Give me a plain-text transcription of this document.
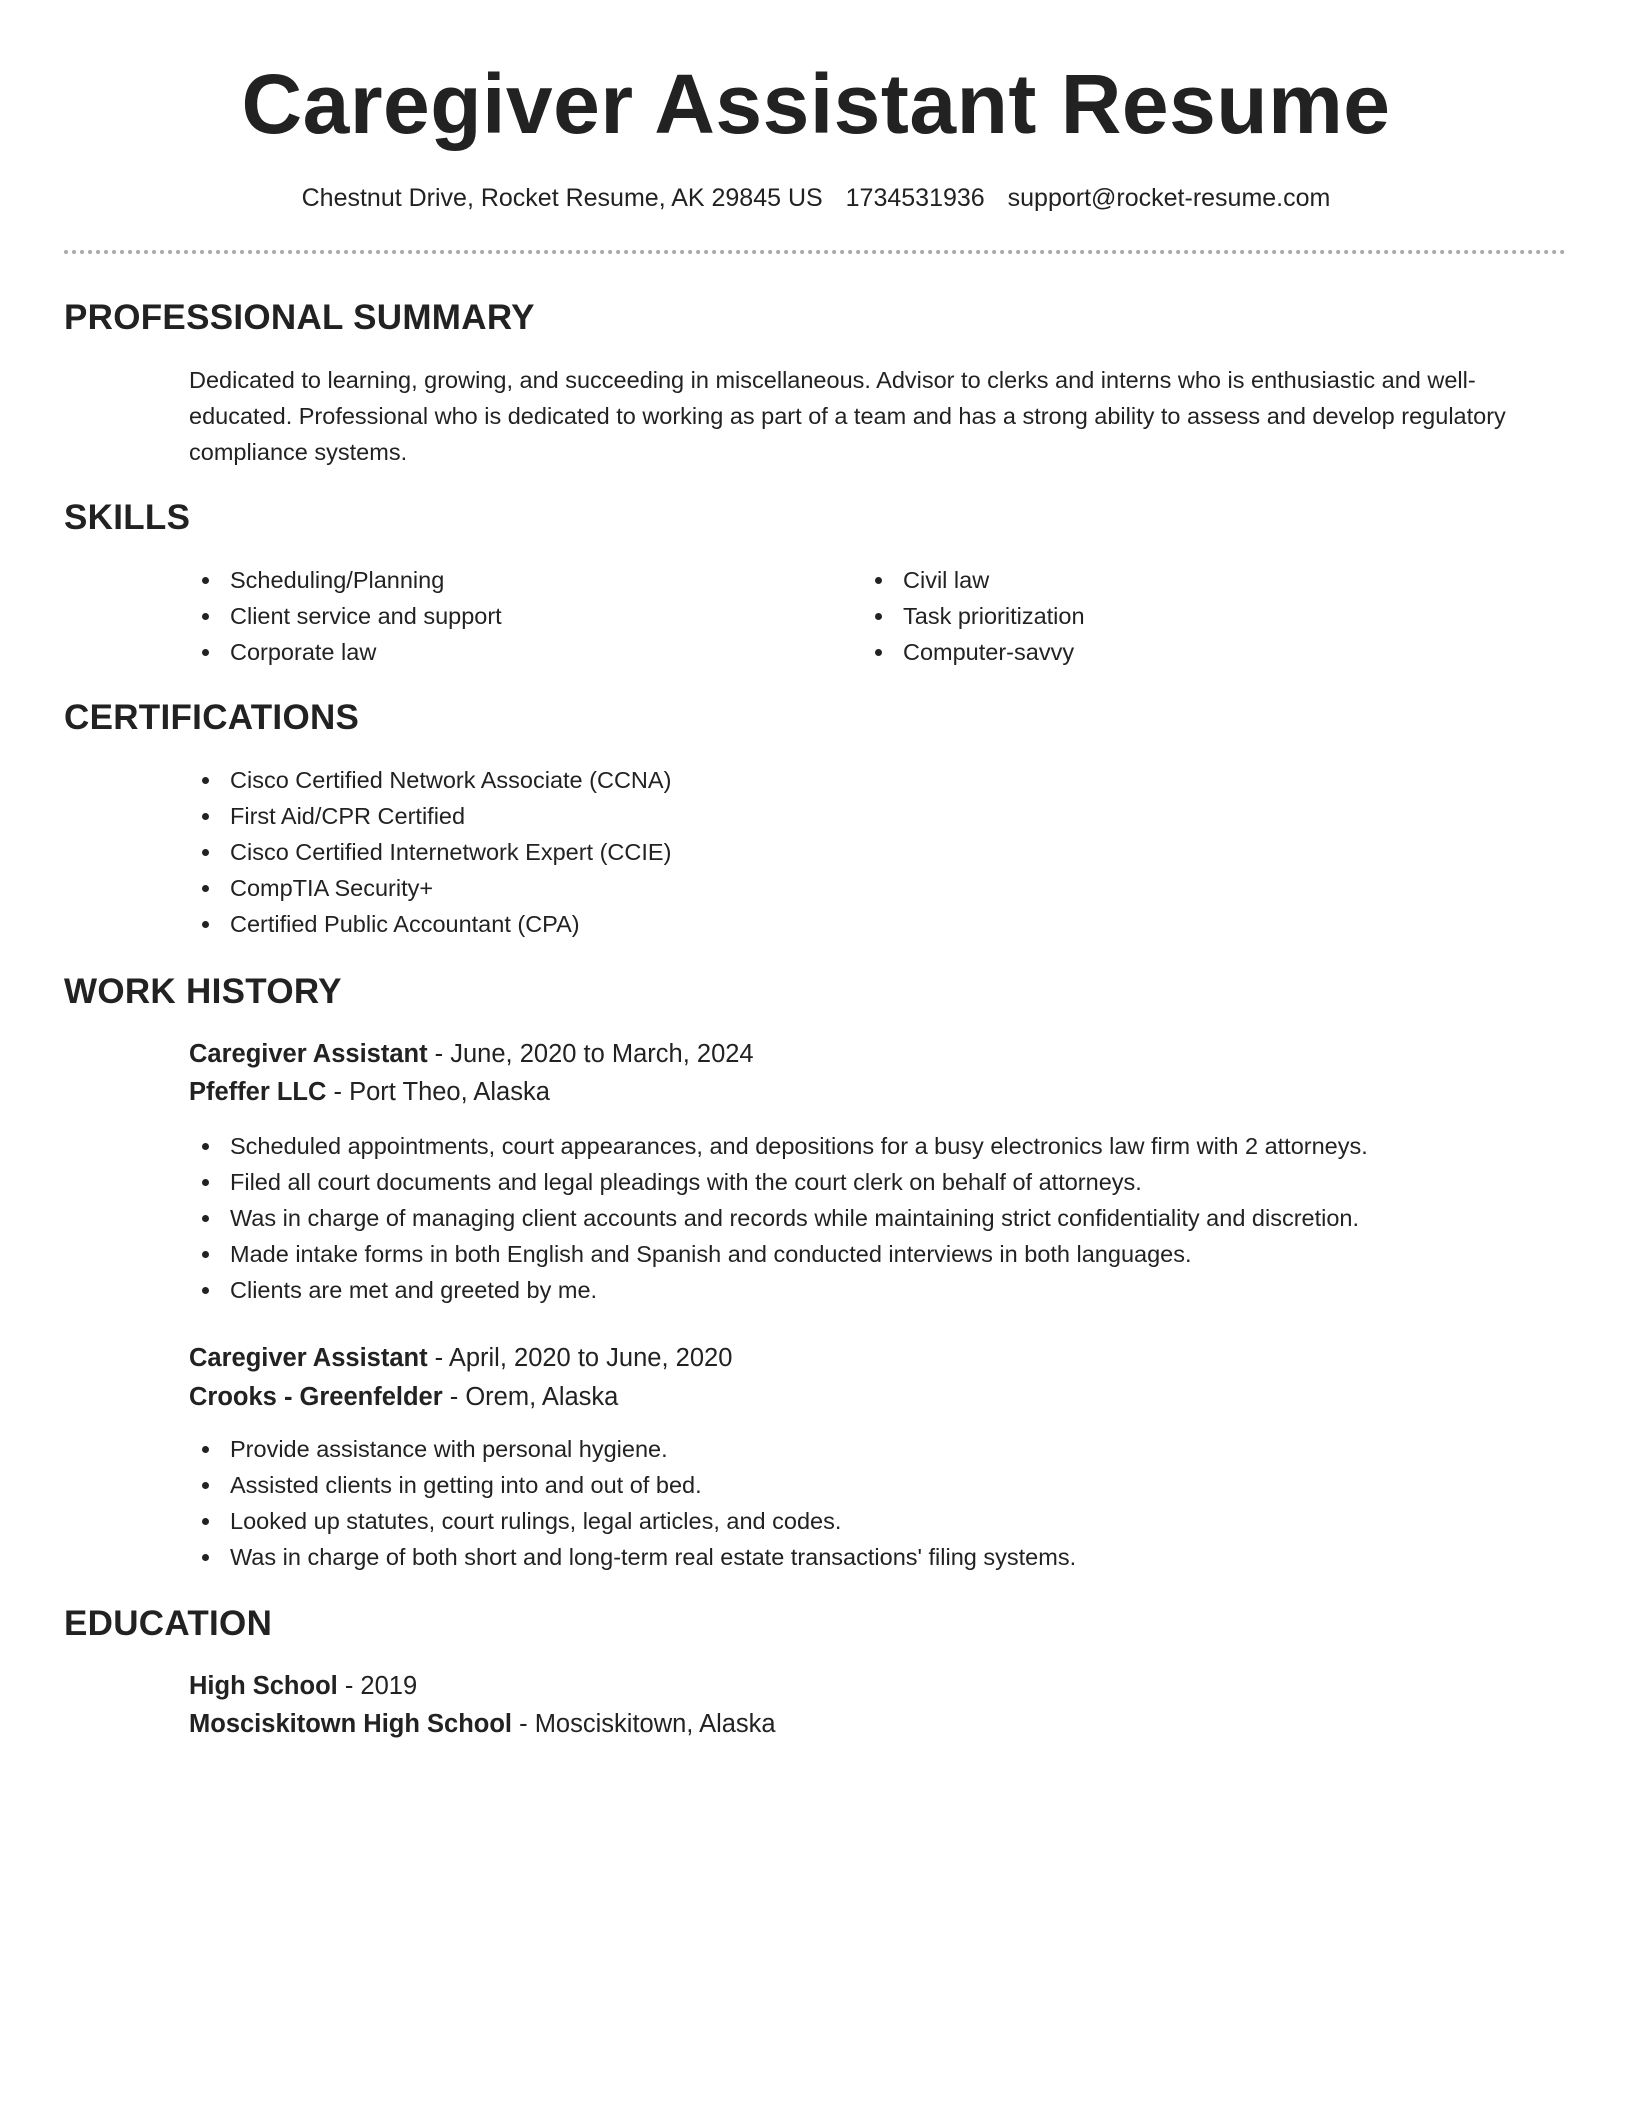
Caregiver Assistant Resume
Chestnut Drive, Rocket Resume, AK 29845 US 1734531936 support@rocket-resume.com
PROFESSIONAL SUMMARY
Dedicated to learning, growing, and succeeding in miscellaneous. Advisor to clerks and interns who is enthusiastic and well-educated. Professional who is dedicated to working as part of a team and has a strong ability to assess and develop regulatory compliance systems.
SKILLS
Scheduling/Planning
Client service and support
Corporate law
Civil law
Task prioritization
Computer-savvy
CERTIFICATIONS
Cisco Certified Network Associate (CCNA)
First Aid/CPR Certified
Cisco Certified Internetwork Expert (CCIE)
CompTIA Security+
Certified Public Accountant (CPA)
WORK HISTORY
Caregiver Assistant - June, 2020 to March, 2024
Pfeffer LLC - Port Theo, Alaska
Scheduled appointments, court appearances, and depositions for a busy electronics law firm with 2 attorneys.
Filed all court documents and legal pleadings with the court clerk on behalf of attorneys.
Was in charge of managing client accounts and records while maintaining strict confidentiality and discretion.
Made intake forms in both English and Spanish and conducted interviews in both languages.
Clients are met and greeted by me.
Caregiver Assistant - April, 2020 to June, 2020
Crooks - Greenfelder - Orem, Alaska
Provide assistance with personal hygiene.
Assisted clients in getting into and out of bed.
Looked up statutes, court rulings, legal articles, and codes.
Was in charge of both short and long-term real estate transactions' filing systems.
EDUCATION
High School - 2019
Mosciskitown High School - Mosciskitown, Alaska
